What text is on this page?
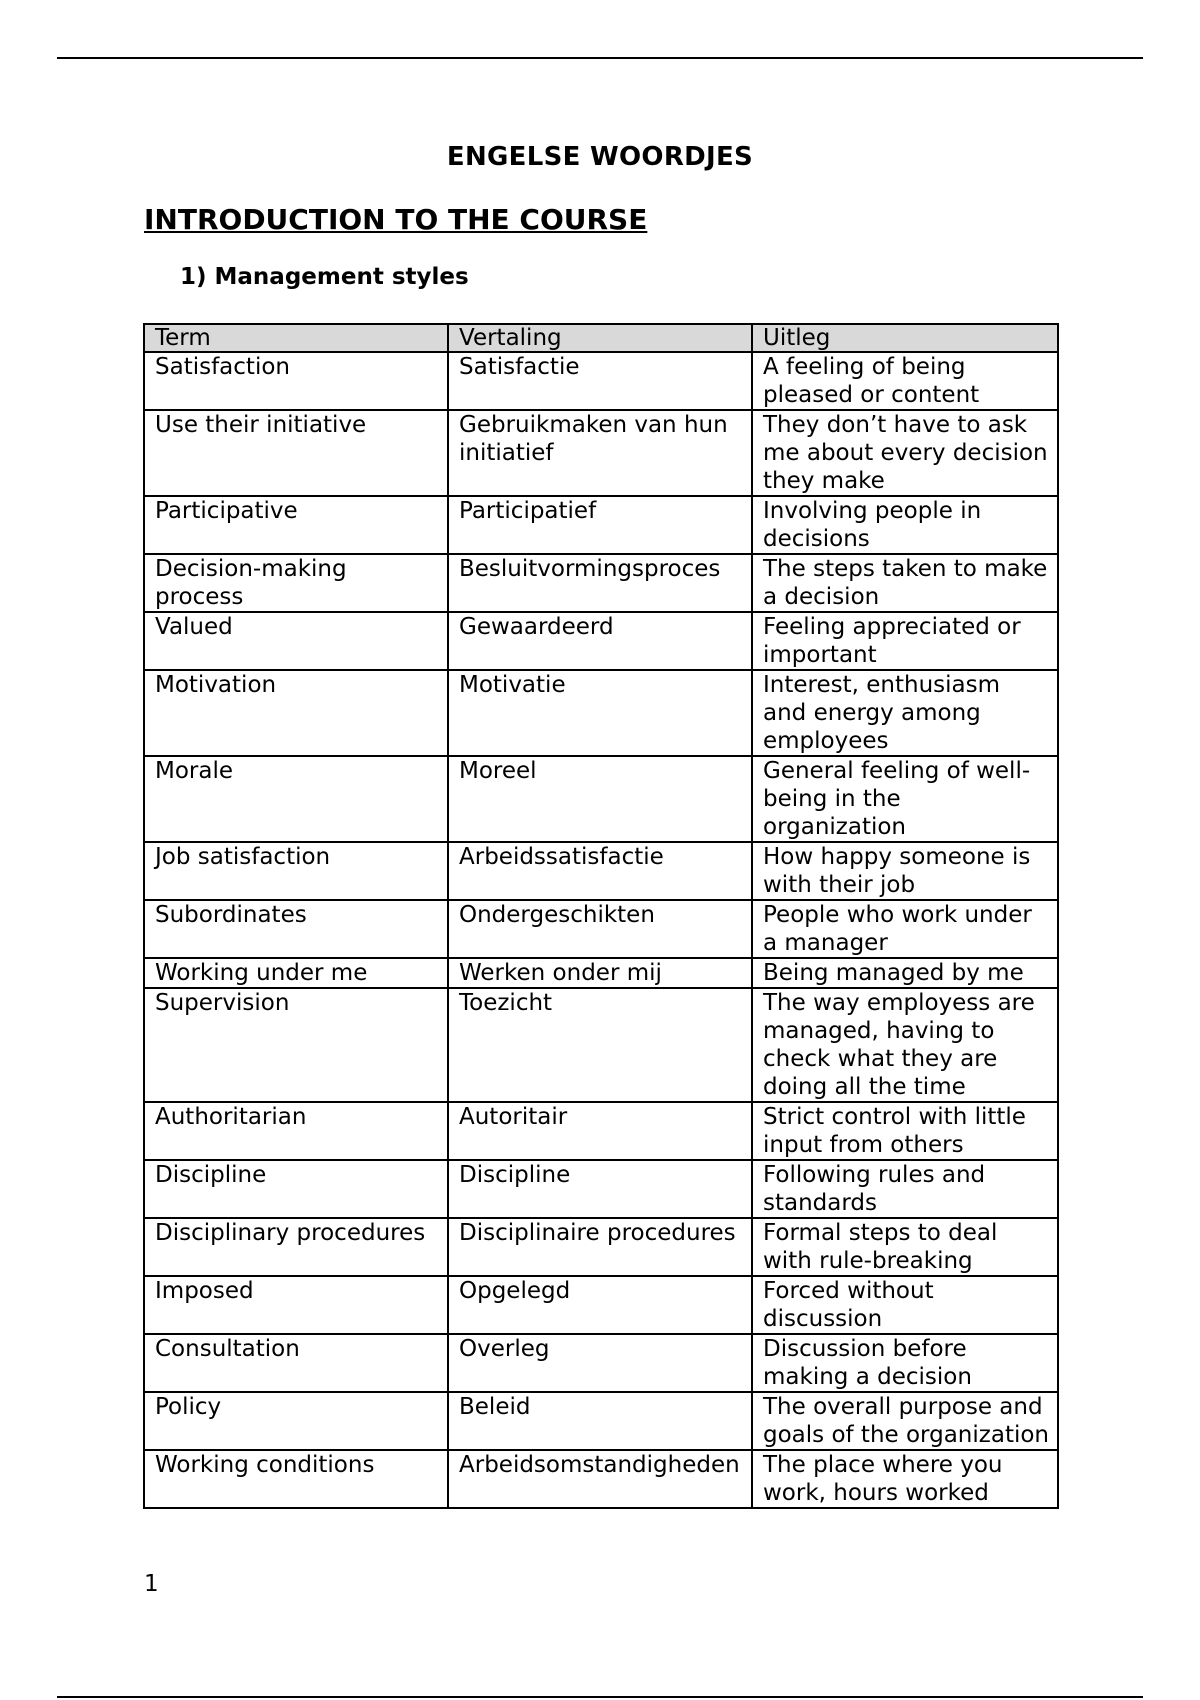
ENGELSE WOORDJES
INTRODUCTION TO THE COURSE
1) Management styles
Term	Vertaling	Uitleg
Satisfaction	Satisfactie	A feeling of being pleased or content
Use their initiative	Gebruikmaken van hun initiatief	They don’t have to ask me about every decision they make
Participative	Participatief	Involving people in decisions
Decision-making process	Besluitvormingsproces	The steps taken to make a decision
Valued	Gewaardeerd	Feeling appreciated or important
Motivation	Motivatie	Interest, enthusiasm and energy among employees
Morale	Moreel	General feeling of well-being in the organization
Job satisfaction	Arbeidssatisfactie	How happy someone is with their job
Subordinates	Ondergeschikten	People who work under a manager
Working under me	Werken onder mij	Being managed by me
Supervision	Toezicht	The way employess are managed, having to check what they are doing all the time
Authoritarian	Autoritair	Strict control with little input from others
Discipline	Discipline	Following rules and standards
Disciplinary procedures	Disciplinaire procedures	Formal steps to deal with rule-breaking
Imposed	Opgelegd	Forced without discussion
Consultation	Overleg	Discussion before making a decision
Policy	Beleid	The overall purpose and goals of the organization
Working conditions	Arbeidsomstandigheden	The place where you work, hours worked
1
